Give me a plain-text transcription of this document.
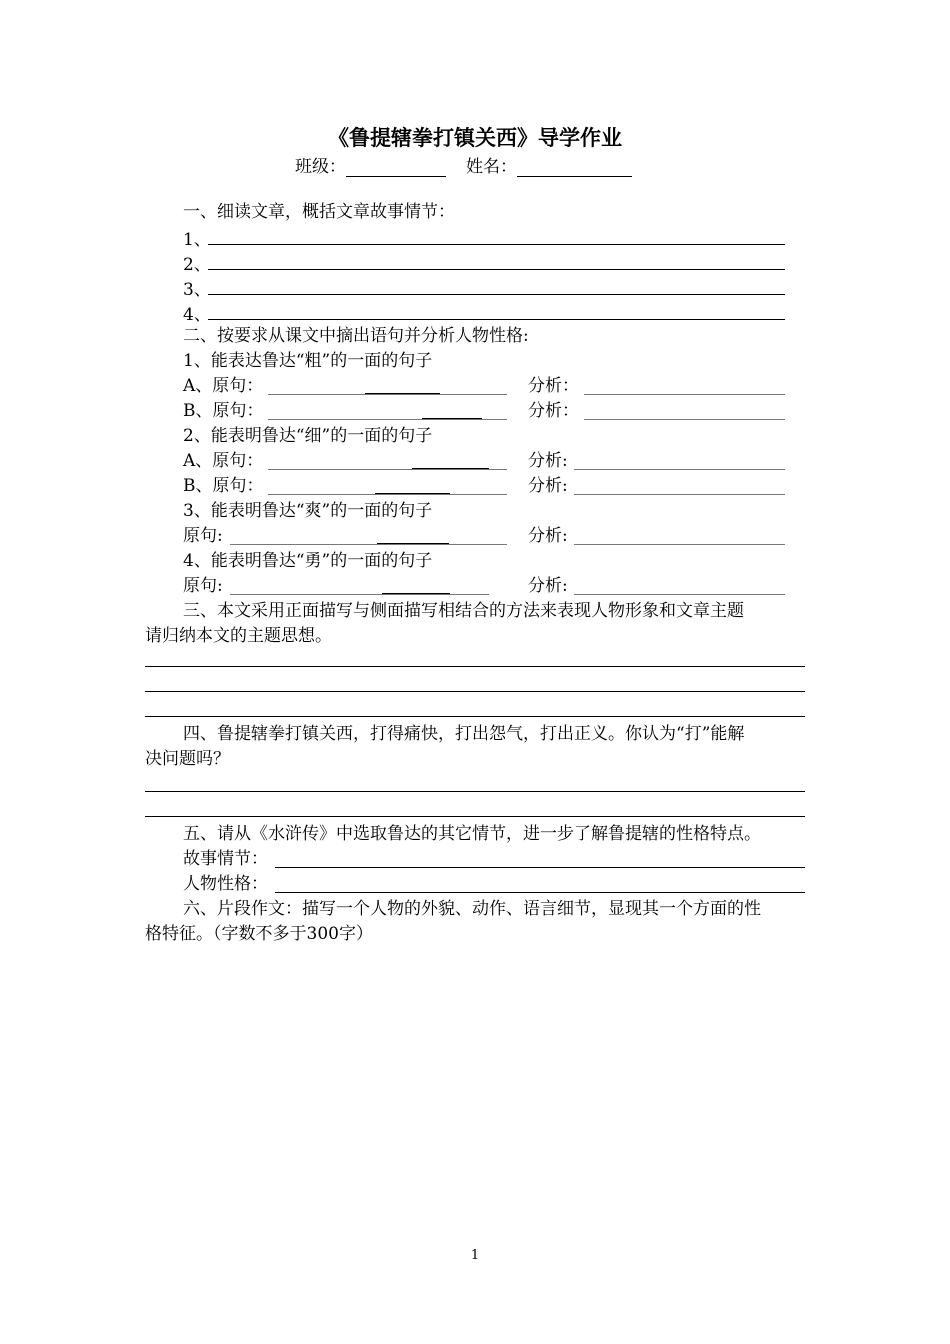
《鲁提辖拳打镇关西》导学作业
班级：	姓名：
一、细读文章，概括文章故事情节：
1、
2、
3、
4、
二、按要求从课文中摘出语句并分析人物性格:
1、能表达鲁达“粗”的一面的句子
A、原句：	分析：
B、原句：	分析：
2、能表明鲁达“细”的一面的句子
A、原句：	分析:
B、原句：	分析:
3、能表明鲁达“爽”的一面的句子
原句:	分析:
4、能表明鲁达“勇”的一面的句子
原句:	分析:
三、本文采用正面描写与侧面描写相结合的方法来表现人物形象和文章主题
请归纳本文的主题思想。
四、鲁提辖拳打镇关西，打得痛快，打出怨气，打出正义。你认为“打”能解
决问题吗？
五、请从《水浒传》中选取鲁达的其它情节，进一步了解鲁提辖的性格特点。
故事情节：
人物性格：
六、片段作文：描写一个人物的外貌、动作、语言细节，显现其一个方面的性
格特征。（字数不多于300字）
1
